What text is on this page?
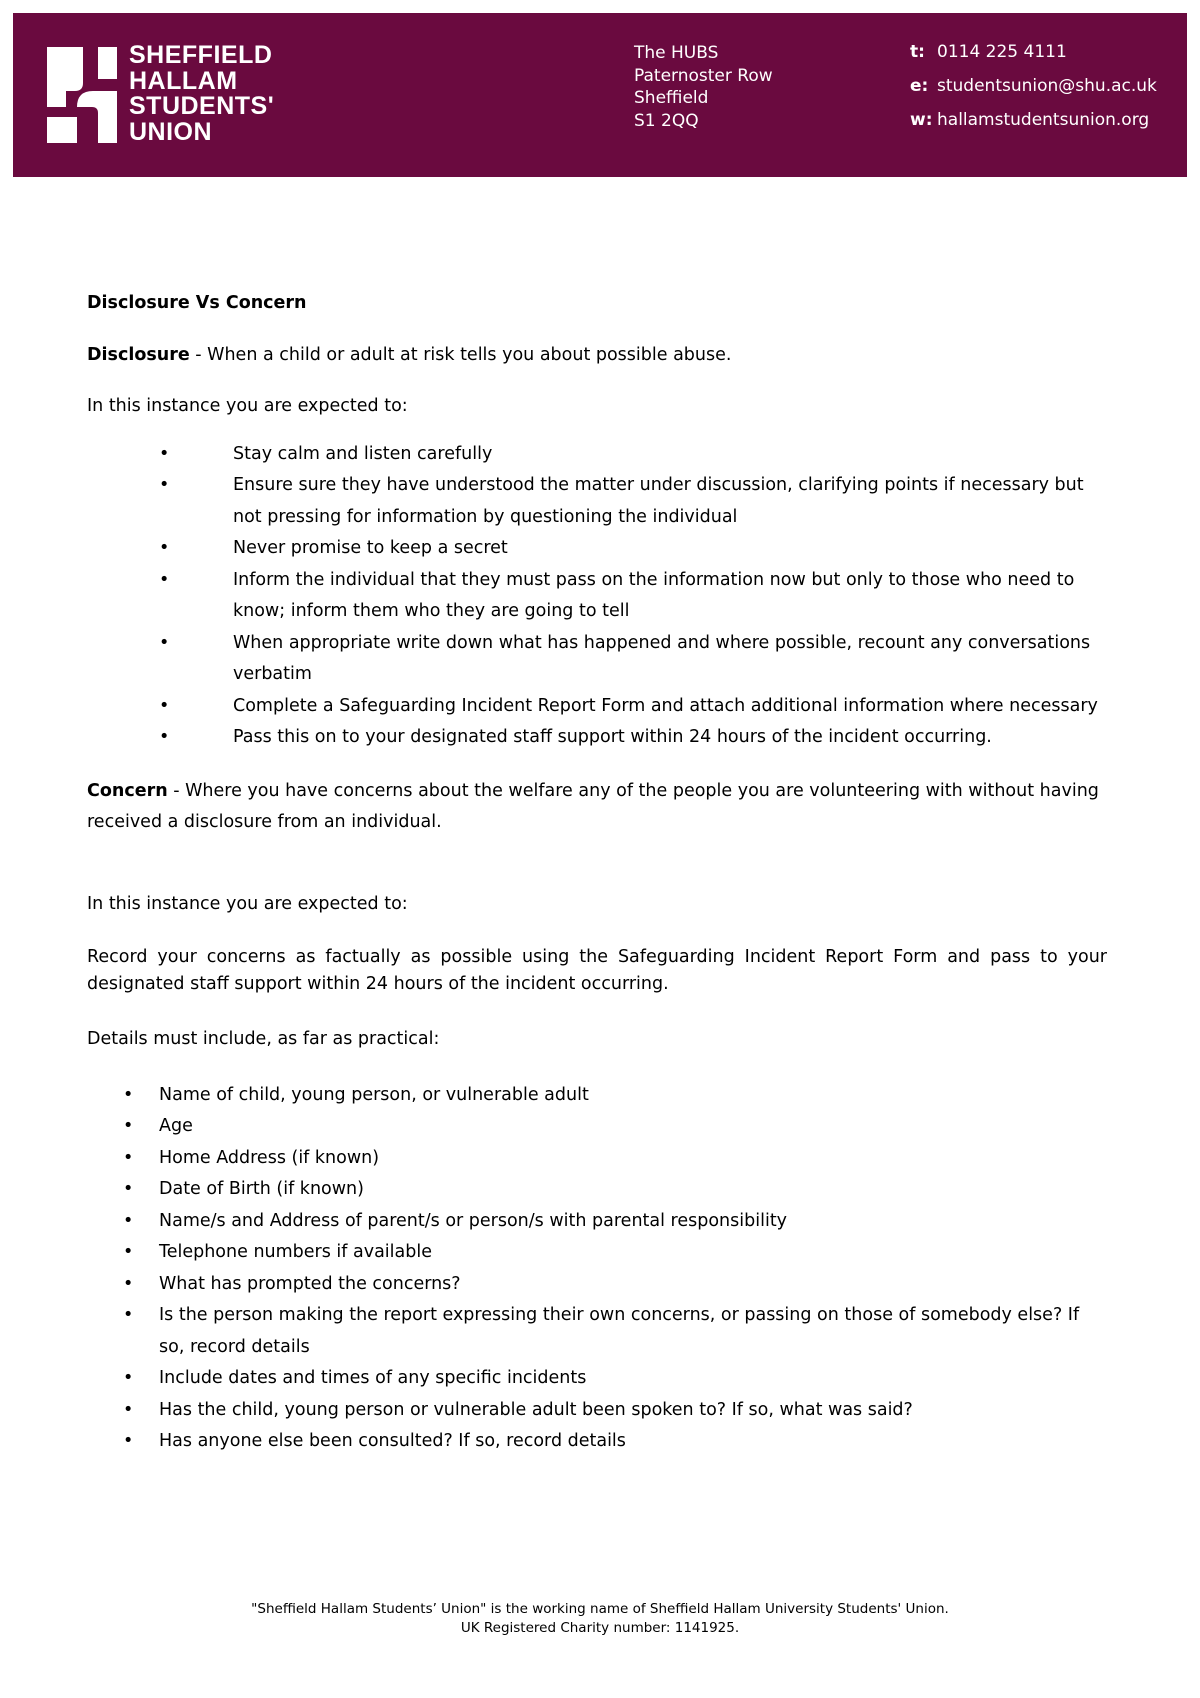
SHEFFIELD
HALLAM
STUDENTS'
UNION
The HUBS
Paternoster Row
Sheffield
S1 2QQ
t: 0114 225 4111
e: studentsunion@shu.ac.uk
w: hallamstudentsunion.org

Disclosure Vs Concern

Disclosure - When a child or adult at risk tells you about possible abuse.

In this instance you are expected to:

•	Stay calm and listen carefully
•	Ensure sure they have understood the matter under discussion, clarifying points if necessary but not pressing for information by questioning the individual
•	Never promise to keep a secret
•	Inform the individual that they must pass on the information now but only to those who need to know; inform them who they are going to tell
•	When appropriate write down what has happened and where possible, recount any conversations verbatim
•	Complete a Safeguarding Incident Report Form and attach additional information where necessary
•	Pass this on to your designated staff support within 24 hours of the incident occurring.

Concern - Where you have concerns about the welfare any of the people you are volunteering with without having received a disclosure from an individual.

In this instance you are expected to:

Record your concerns as factually as possible using the Safeguarding Incident Report Form and pass to your designated staff support within 24 hours of the incident occurring.

Details must include, as far as practical:

• Name of child, young person, or vulnerable adult
• Age
• Home Address (if known)
• Date of Birth (if known)
• Name/s and Address of parent/s or person/s with parental responsibility
• Telephone numbers if available
• What has prompted the concerns?
• Is the person making the report expressing their own concerns, or passing on those of somebody else? If so, record details
• Include dates and times of any specific incidents
• Has the child, young person or vulnerable adult been spoken to? If so, what was said?
• Has anyone else been consulted? If so, record details
"Sheffield Hallam Students’ Union" is the working name of Sheffield Hallam University Students' Union.
UK Registered Charity number: 1141925.
